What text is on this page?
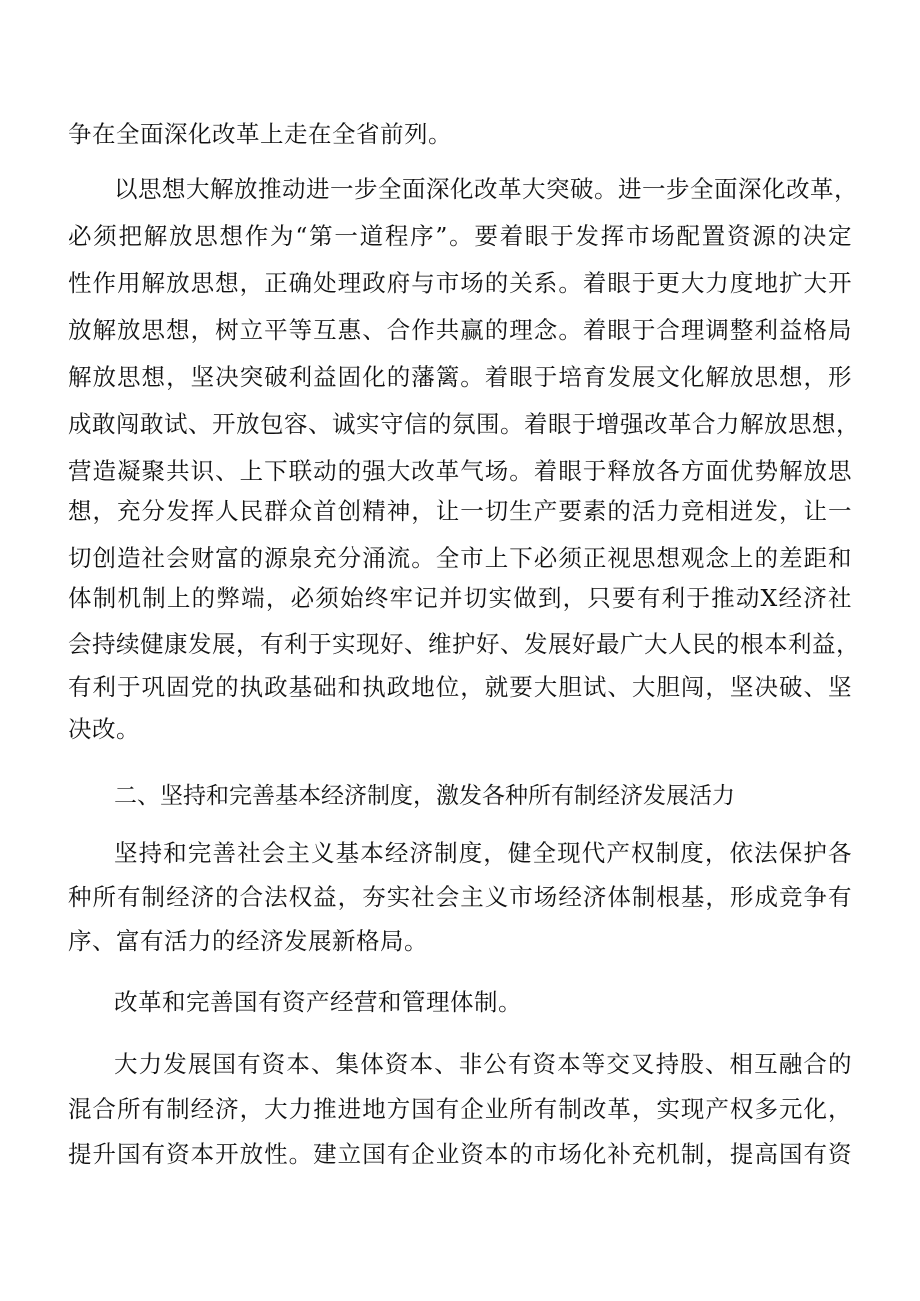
争在全面深化改革上走在全省前列。
以思想大解放推动进一步全面深化改革大突破。进一步全面深化改革，
必须把解放思想作为“第一道程序”。要着眼于发挥市场配置资源的决定
性作用解放思想，正确处理政府与市场的关系。着眼于更大力度地扩大开
放解放思想，树立平等互惠、合作共赢的理念。着眼于合理调整利益格局
解放思想，坚决突破利益固化的藩篱。着眼于培育发展文化解放思想，形
成敢闯敢试、开放包容、诚实守信的氛围。着眼于增强改革合力解放思想，
营造凝聚共识、上下联动的强大改革气场。着眼于释放各方面优势解放思
想，充分发挥人民群众首创精神，让一切生产要素的活力竞相迸发，让一
切创造社会财富的源泉充分涌流。全市上下必须正视思想观念上的差距和
体制机制上的弊端，必须始终牢记并切实做到，只要有利于推动X经济社
会持续健康发展，有利于实现好、维护好、发展好最广大人民的根本利益，
有利于巩固党的执政基础和执政地位，就要大胆试、大胆闯，坚决破、坚
决改。
二、坚持和完善基本经济制度，激发各种所有制经济发展活力
坚持和完善社会主义基本经济制度，健全现代产权制度，依法保护各
种所有制经济的合法权益，夯实社会主义市场经济体制根基，形成竞争有
序、富有活力的经济发展新格局。
改革和完善国有资产经营和管理体制。
大力发展国有资本、集体资本、非公有资本等交叉持股、相互融合的
混合所有制经济，大力推进地方国有企业所有制改革，实现产权多元化，
提升国有资本开放性。建立国有企业资本的市场化补充机制，提高国有资
